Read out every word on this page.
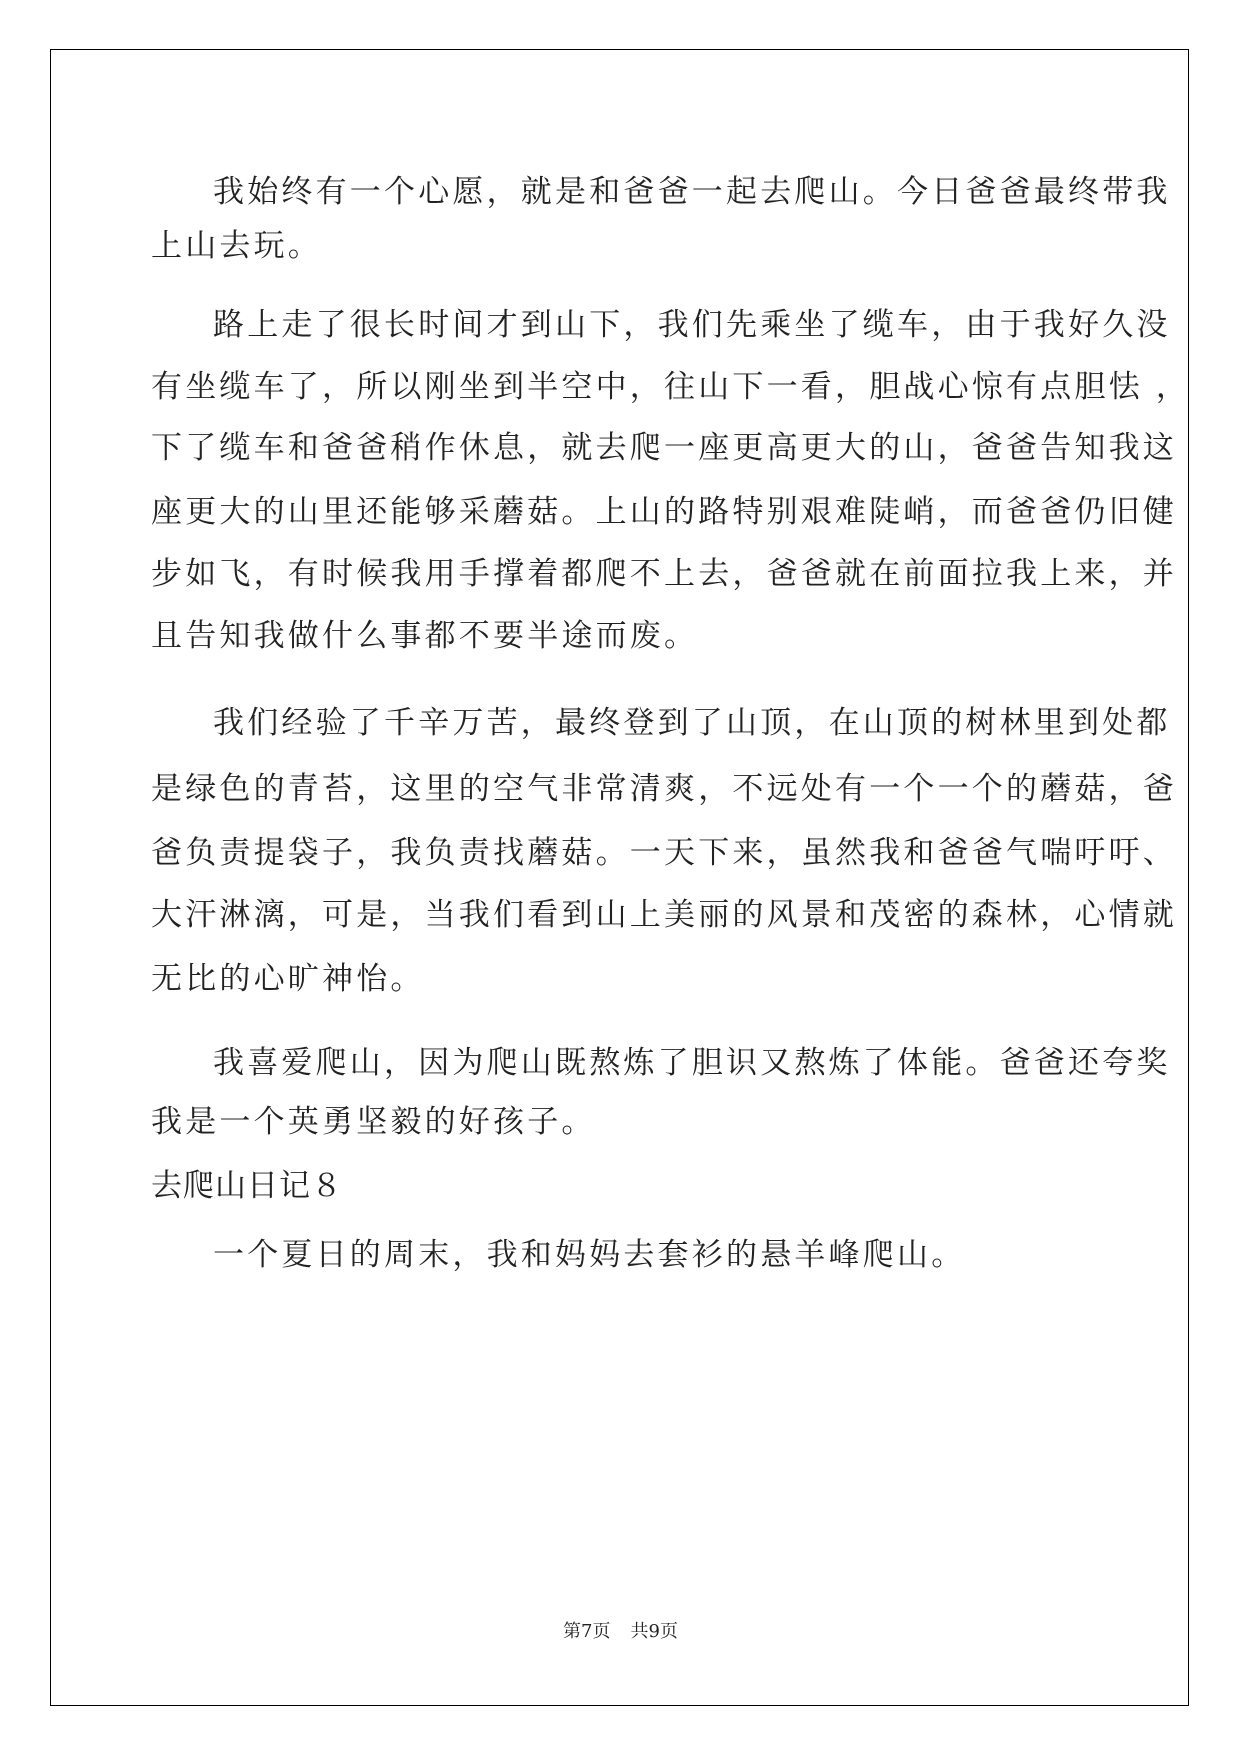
我始终有一个心愿，就是和爸爸一起去爬山。今日爸爸最终带我
上山去玩。
路上走了很长时间才到山下，我们先乘坐了缆车，由于我好久没
有坐缆车了，所以刚坐到半空中，往山下一看，胆战心惊有点胆怯 ，
下了缆车和爸爸稍作休息，就去爬一座更高更大的山，爸爸告知我这
座更大的山里还能够采蘑菇。上山的路特别艰难陡峭，而爸爸仍旧健
步如飞，有时候我用手撑着都爬不上去，爸爸就在前面拉我上来，并
且告知我做什么事都不要半途而废。
我们经验了千辛万苦，最终登到了山顶，在山顶的树林里到处都
是绿色的青苔，这里的空气非常清爽，不远处有一个一个的蘑菇，爸
爸负责提袋子，我负责找蘑菇。一天下来，虽然我和爸爸气喘吁吁、
大汗淋漓，可是，当我们看到山上美丽的风景和茂密的森林，心情就
无比的心旷神怡。
我喜爱爬山，因为爬山既熬炼了胆识又熬炼了体能。爸爸还夸奖
我是一个英勇坚毅的好孩子。
去爬山日记８
一个夏日的周末，我和妈妈去套衫的悬羊峰爬山。
第7页 共9页
